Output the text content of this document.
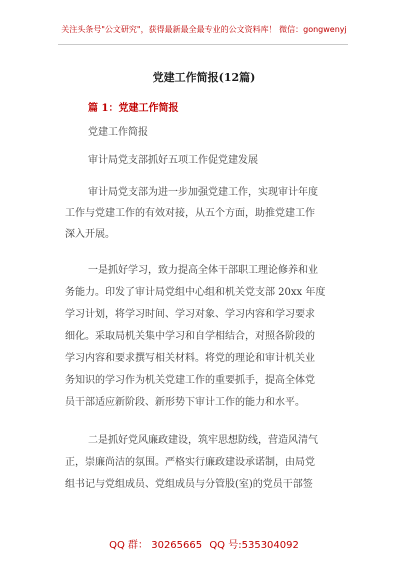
关注头条号"公文研究"，获得最新最全最专业的公文资料库！ 微信：gongwenyj
党建工作简报(12篇)
篇 1：党建工作简报
党建工作简报
审计局党支部抓好五项工作促党建发展
审计局党支部为进一步加强党建工作，实现审计年度
工作与党建工作的有效对接，从五个方面，助推党建工作
深入开展。
一是抓好学习，致力提高全体干部职工理论修养和业
务能力。印发了审计局党组中心组和机关党支部 20xx 年度
学习计划，将学习时间、学习对象、学习内容和学习要求
细化。采取局机关集中学习和自学相结合，对照各阶段的
学习内容和要求撰写相关材料。将党的理论和审计机关业
务知识的学习作为机关党建工作的重要抓手，提高全体党
员干部适应新阶段、新形势下审计工作的能力和水平。
二是抓好党风廉政建设，筑牢思想防线，营造风清气
正，崇廉尚洁的氛围。严格实行廉政建设承诺制，由局党
组书记与党组成员、党组成员与分管股(室)的党员干部签
QQ 群： 30265665 QQ 号:535304092
